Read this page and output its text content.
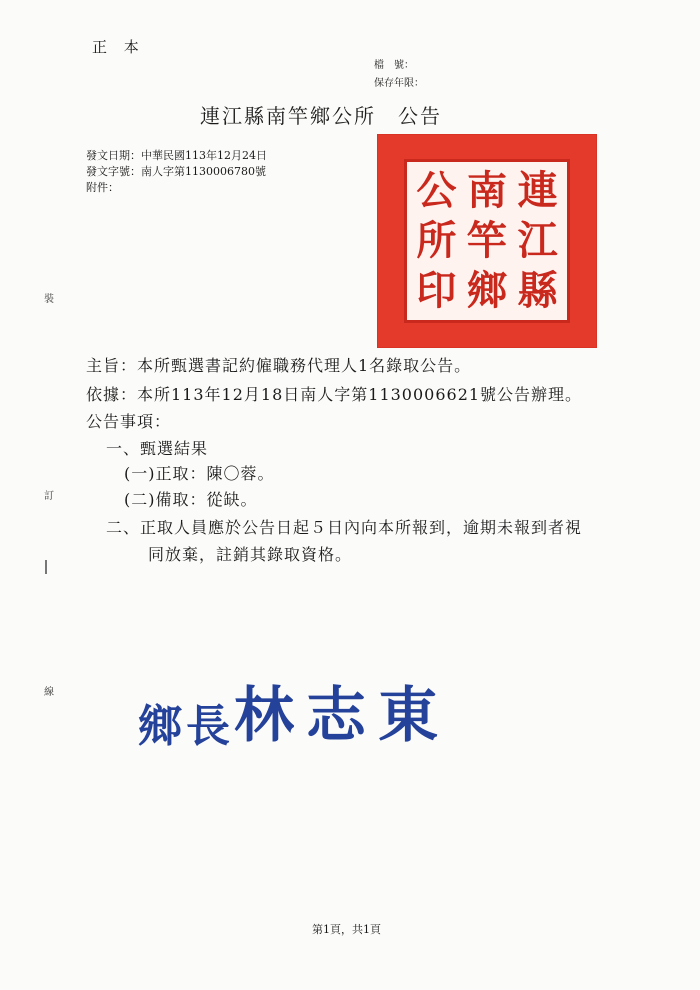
正 本
檔　號：
保存年限：
連江縣南竿鄉公所 公告
發文日期：中華民國113年12月24日
發文字號：南人字第1130006780號
附件：
裝
訂
線
連
南
公
江
竿
所
縣
鄉
印
主旨：本所甄選書記約僱職務代理人1名錄取公告。
依據：本所113年12月18日南人字第1130006621號公告辦理。
公告事項：
一、甄選結果
(一)正取：陳〇蓉。
(二)備取：從缺。
二、正取人員應於公告日起５日內向本所報到，逾期未報到者視
同放棄，註銷其錄取資格。
鄉長林志東
第1頁，共1頁
